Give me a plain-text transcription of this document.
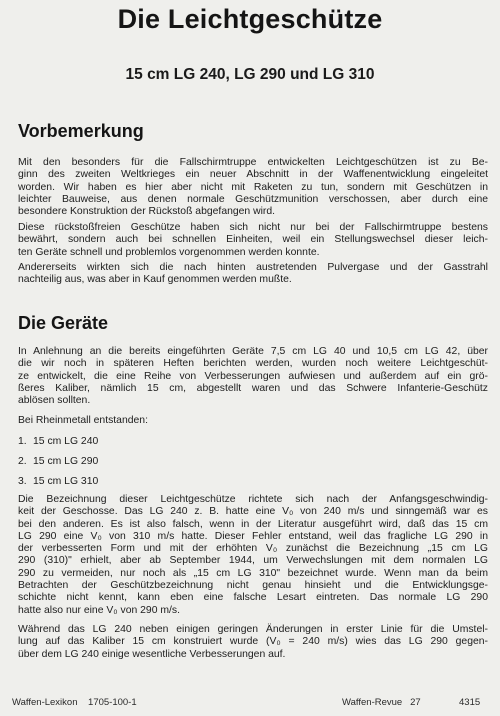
Die Leichtgeschütze
15 cm LG 240, LG 290 und LG 310
Vorbemerkung
Mit den besonders für die Fallschirmtruppe entwickelten Leichtgeschützen ist zu Be-
ginn des zweiten Weltkrieges ein neuer Abschnitt in der Waffenentwicklung eingeleitet
worden. Wir haben es hier aber nicht mit Raketen zu tun, sondern mit Geschützen in
leichter Bauweise, aus denen normale Geschützmunition verschossen, aber durch eine
besondere Konstruktion der Rückstoß abgefangen wird.
Diese rückstoßfreien Geschütze haben sich nicht nur bei der Fallschirmtruppe bestens
bewährt, sondern auch bei schnellen Einheiten, weil ein Stellungswechsel dieser leich-
ten Geräte schnell und problemlos vorgenommen werden konnte.
Andererseits wirkten sich die nach hinten austretenden Pulvergase und der Gasstrahl
nachteilig aus, was aber in Kauf genommen werden mußte.
Die Geräte
In Anlehnung an die bereits eingeführten Geräte 7,5 cm LG 40 und 10,5 cm LG 42, über
die wir noch in späteren Heften berichten werden, wurden noch weitere Leichtgeschüt-
ze entwickelt, die eine Reihe von Verbesserungen aufwiesen und außerdem auf ein grö-
ßeres Kaliber, nämlich 15 cm, abgestellt waren und das Schwere Infanterie-Geschütz
ablösen sollten.
Bei Rheinmetall entstanden:
1. 15 cm LG 240
2. 15 cm LG 290
3. 15 cm LG 310
Die Bezeichnung dieser Leichtgeschütze richtete sich nach der Anfangsgeschwindig-
keit der Geschosse. Das LG 240 z. B. hatte eine V₀ von 240 m/s und sinngemäß war es
bei den anderen. Es ist also falsch, wenn in der Literatur ausgeführt wird, daß das 15 cm
LG 290 eine V₀ von 310 m/s hatte. Dieser Fehler entstand, weil das fragliche LG 290 in
der verbesserten Form und mit der erhöhten V₀ zunächst die Bezeichnung „15 cm LG
290 (310)" erhielt, aber ab September 1944, um Verwechslungen mit dem normalen LG
290 zu vermeiden, nur noch als „15 cm LG 310" bezeichnet wurde. Wenn man da beim
Betrachten der Geschützbezeichnung nicht genau hinsieht und die Entwicklungsge-
schichte nicht kennt, kann eben eine falsche Lesart eintreten. Das normale LG 290
hatte also nur eine V₀ von 290 m/s.
Während das LG 240 neben einigen geringen Änderungen in erster Linie für die Umstel-
lung auf das Kaliber 15 cm konstruiert wurde (V₀ = 240 m/s) wies das LG 290 gegen-
über dem LG 240 einige wesentliche Verbesserungen auf.
Waffen-Lexikon    1705-100-1	Waffen-Revue   27	4315
